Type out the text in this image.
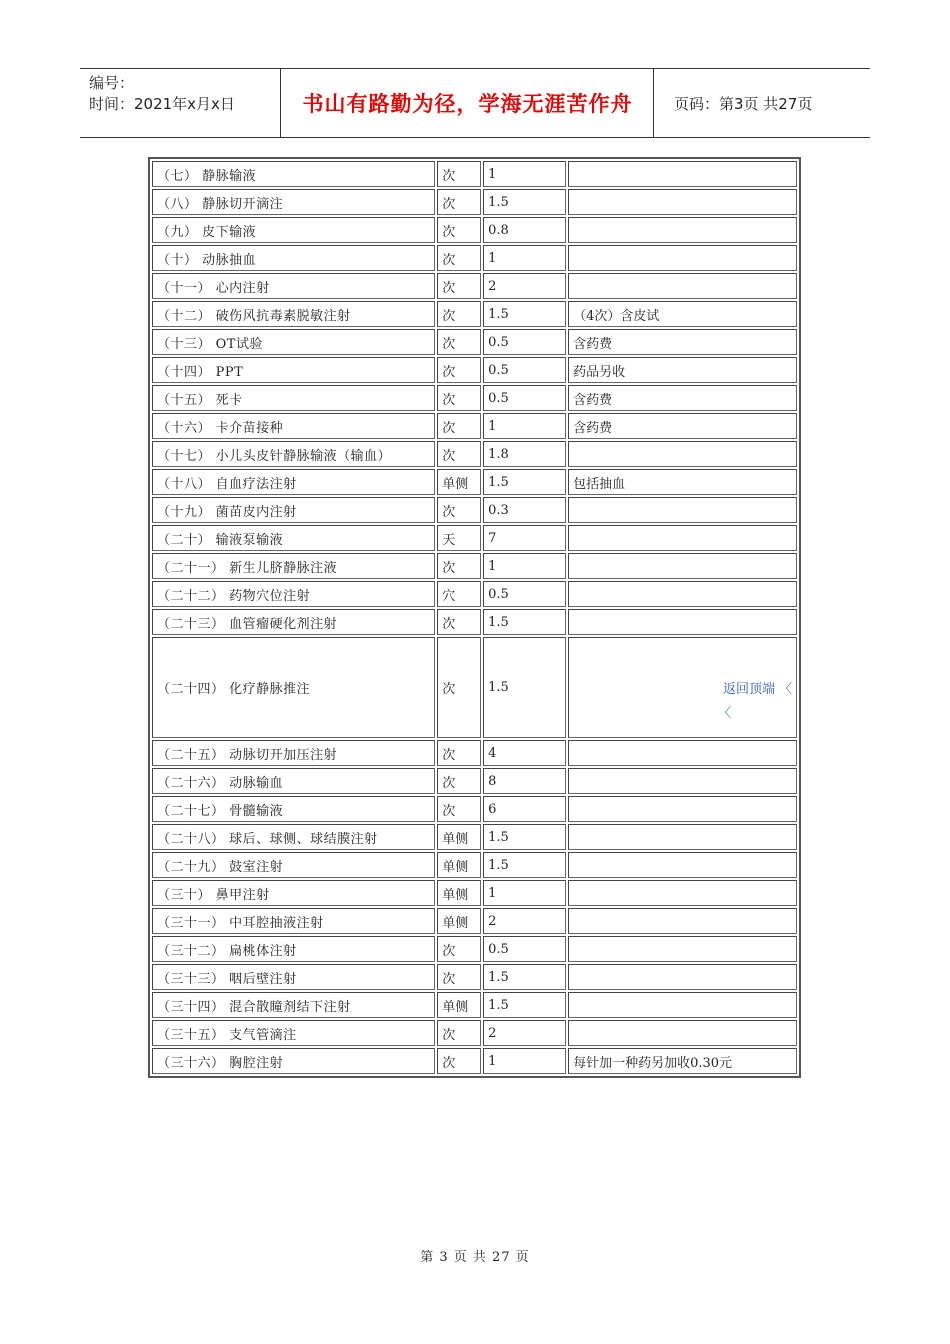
编号：
时间：2021年x月x日	书山有路勤为径，学海无涯苦作舟	页码：第3页 共27页
（七） 静脉输液	次	1	
（八） 静脉切开滴注	次	1.5	
（九） 皮下输液	次	0.8	
（十） 动脉抽血	次	1	
（十一） 心内注射	次	2	
（十二） 破伤风抗毒素脱敏注射	次	1.5	（4次）含皮试
（十三） OT试验	次	0.5	含药费
（十四） PPT	次	0.5	药品另收
（十五） 死卡	次	0.5	含药费
（十六） 卡介苗接种	次	1	含药费
（十七） 小儿头皮针静脉输液（输血）	次	1.8	
（十八） 自血疗法注射	单侧	1.5	包括抽血
（十九） 菌苗皮内注射	次	0.3	
（二十） 输液泵输液	天	7	
（二十一） 新生儿脐静脉注液	次	1	
（二十二） 药物穴位注射	穴	0.5	
（二十三） 血管瘤硬化剂注射	次	1.5	
（二十四） 化疗静脉推注	次	1.5	返回顶端 〈
〈

（二十五） 动脉切开加压注射	次	4	
（二十六） 动脉输血	次	8	
（二十七） 骨髓输液	次	6	
（二十八） 球后、球侧、球结膜注射	单侧	1.5	
（二十九） 鼓室注射	单侧	1.5	
（三十） 鼻甲注射	单侧	1	
（三十一） 中耳腔抽液注射	单侧	2	
（三十二） 扁桃体注射	次	0.5	
（三十三） 咽后壁注射	次	1.5	
（三十四） 混合散瞳剂结下注射	单侧	1.5	
（三十五） 支气管滴注	次	2	
（三十六） 胸腔注射	次	1	每针加一种药另加收0.30元
第 3 页 共 27 页
